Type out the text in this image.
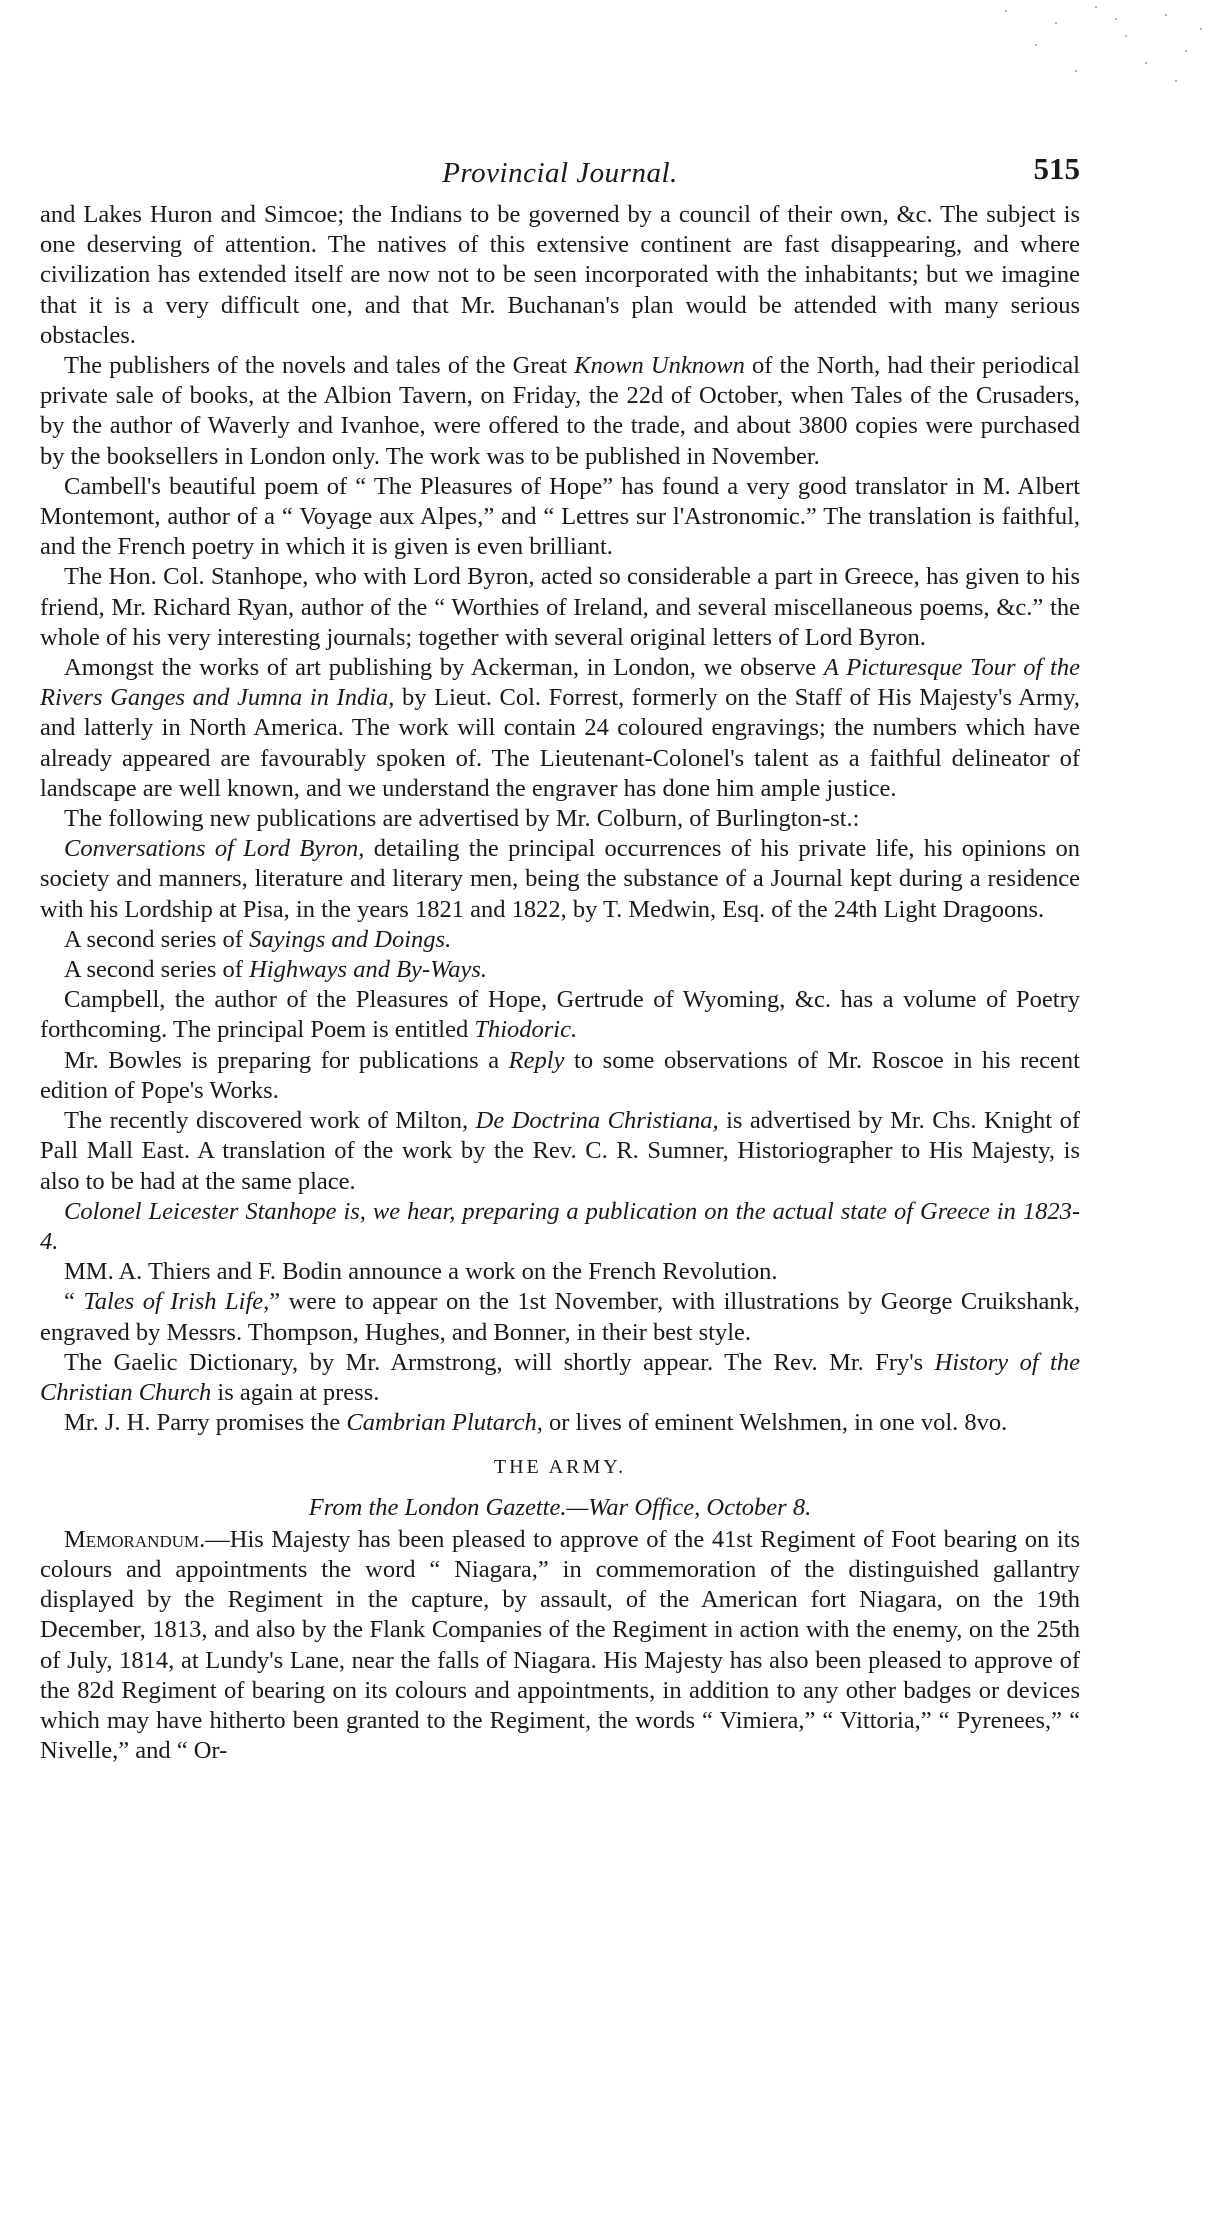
Provincial Journal.	515

and Lakes Huron and Simcoe; the Indians to be governed by a council of their own, &c. The subject is one deserving of attention. The natives of this extensive continent are fast disappearing, and where civilization has extended itself are now not to be seen incorporated with the inhabitants; but we imagine that it is a very difficult one, and that Mr. Buchanan's plan would be attended with many serious obstacles.

The publishers of the novels and tales of the Great Known Unknown of the North, had their periodical private sale of books, at the Albion Tavern, on Friday, the 22d of October, when Tales of the Crusaders, by the author of Waverly and Ivanhoe, were offered to the trade, and about 3800 copies were purchased by the booksellers in London only. The work was to be published in November.

Cambell's beautiful poem of “ The Pleasures of Hope” has found a very good translator in M. Albert Montemont, author of a “ Voyage aux Alpes,” and “ Lettres sur l'Astronomic.” The translation is faithful, and the French poetry in which it is given is even brilliant.

The Hon. Col. Stanhope, who with Lord Byron, acted so considerable a part in Greece, has given to his friend, Mr. Richard Ryan, author of the “ Worthies of Ireland, and several miscellaneous poems, &c.” the whole of his very interesting journals; together with several original letters of Lord Byron.

Amongst the works of art publishing by Ackerman, in London, we observe A Picturesque Tour of the Rivers Ganges and Jumna in India, by Lieut. Col. Forrest, formerly on the Staff of His Majesty's Army, and latterly in North America. The work will contain 24 coloured engravings; the numbers which have already appeared are favourably spoken of. The Lieutenant-Colonel's talent as a faithful delineator of landscape are well known, and we understand the engraver has done him ample justice.

The following new publications are advertised by Mr. Colburn, of Burlington-st.:

Conversations of Lord Byron, detailing the principal occurrences of his private life, his opinions on society and manners, literature and literary men, being the substance of a Journal kept during a residence with his Lordship at Pisa, in the years 1821 and 1822, by T. Medwin, Esq. of the 24th Light Dragoons.

A second series of Sayings and Doings.

A second series of Highways and By-Ways.

Campbell, the author of the Pleasures of Hope, Gertrude of Wyoming, &c. has a volume of Poetry forthcoming. The principal Poem is entitled Thiodoric.

Mr. Bowles is preparing for publications a Reply to some observations of Mr. Roscoe in his recent edition of Pope's Works.

The recently discovered work of Milton, De Doctrina Christiana, is advertised by Mr. Chs. Knight of Pall Mall East. A translation of the work by the Rev. C. R. Sumner, Historiographer to His Majesty, is also to be had at the same place.

Colonel Leicester Stanhope is, we hear, preparing a publication on the actual state of Greece in 1823-4.

MM. A. Thiers and F. Bodin announce a work on the French Revolution.

“ Tales of Irish Life,” were to appear on the 1st November, with illustrations by George Cruikshank, engraved by Messrs. Thompson, Hughes, and Bonner, in their best style.

The Gaelic Dictionary, by Mr. Armstrong, will shortly appear. The Rev. Mr. Fry's History of the Christian Church is again at press.

Mr. J. H. Parry promises the Cambrian Plutarch, or lives of eminent Welshmen, in one vol. 8vo.

THE ARMY.
From the London Gazette.—War Office, October 8.

Memorandum.—His Majesty has been pleased to approve of the 41st Regiment of Foot bearing on its colours and appointments the word “ Niagara,” in commemoration of the distinguished gallantry displayed by the Regiment in the capture, by assault, of the American fort Niagara, on the 19th December, 1813, and also by the Flank Companies of the Regiment in action with the enemy, on the 25th of July, 1814, at Lundy's Lane, near the falls of Niagara. His Majesty has also been pleased to approve of the 82d Regiment of bearing on its colours and appointments, in addition to any other badges or devices which may have hitherto been granted to the Regiment, the words “ Vimiera,” “ Vittoria,” “ Pyrenees,” “ Nivelle,” and “ Or-
